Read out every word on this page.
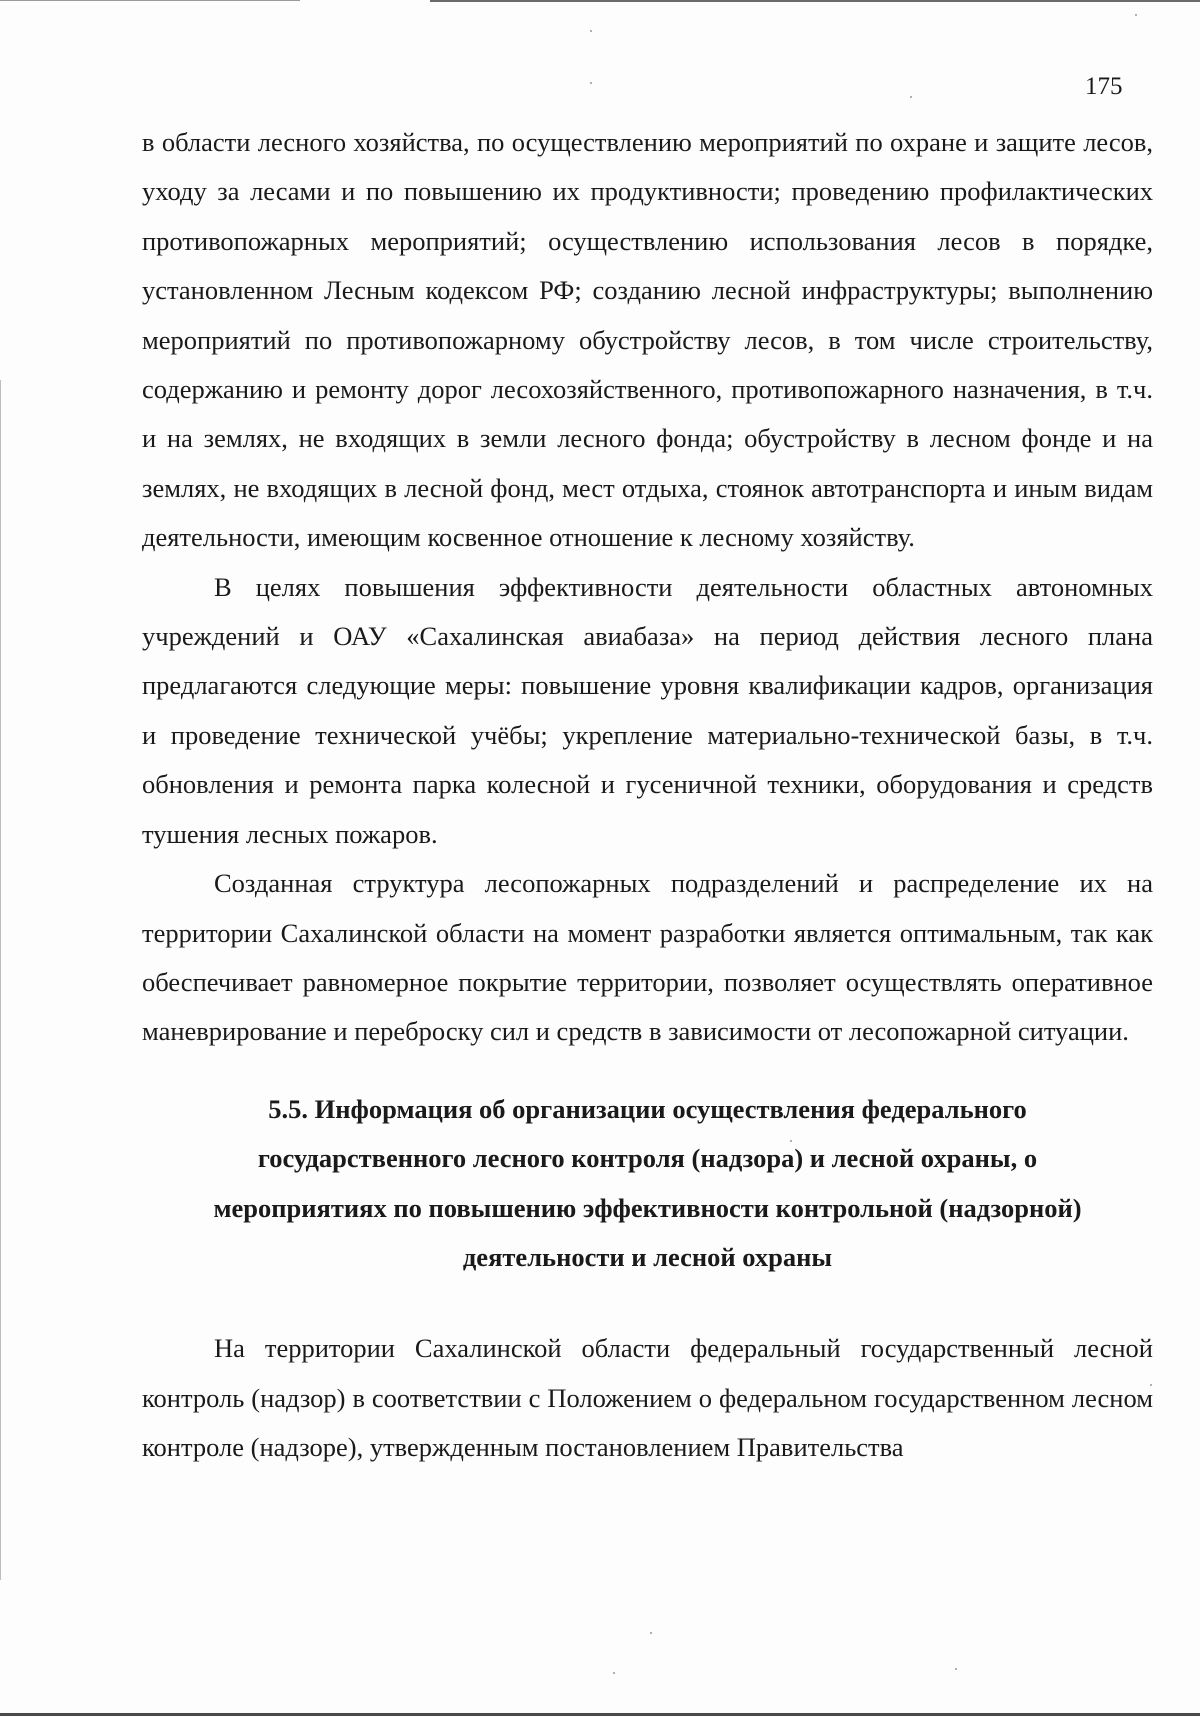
175

в области лесного хозяйства, по осуществлению мероприятий по охране и защите лесов, уходу за лесами и по повышению их продуктивности; проведению профилактических противопожарных мероприятий; осуществлению использования лесов в порядке, установленном Лесным кодексом РФ; созданию лесной инфраструктуры; выполнению мероприятий по противопожарному обустройству лесов, в том числе строительству, содержанию и ремонту дорог лесохозяйственного, противопожарного назначения, в т.ч. и на землях, не входящих в земли лесного фонда; обустройству в лесном фонде и на землях, не входящих в лесной фонд, мест отдыха, стоянок автотранспорта и иным видам деятельности, имеющим косвенное отношение к лесному хозяйству.

В целях повышения эффективности деятельности областных автономных учреждений и ОАУ «Сахалинская авиабаза» на период действия лесного плана предлагаются следующие меры: повышение уровня квалификации кадров, организация и проведение технической учёбы; укрепление материально-технической базы, в т.ч. обновления и ремонта парка колесной и гусеничной техники, оборудования и средств тушения лесных пожаров.

Созданная структура лесопожарных подразделений и распределение их на территории Сахалинской области на момент разработки является оптимальным, так как обеспечивает равномерное покрытие территории, позволяет осуществлять оперативное маневрирование и переброску сил и средств в зависимости от лесопожарной ситуации.

5.5. Информация об организации осуществления федерального
государственного лесного контроля (надзора) и лесной охраны, о
мероприятиях по повышению эффективности контрольной (надзорной)
деятельности и лесной охраны

На территории Сахалинской области федеральный государственный лесной контроль (надзор) в соответствии с Положением о федеральном государственном лесном контроле (надзоре), утвержденным постановлением Правительства
